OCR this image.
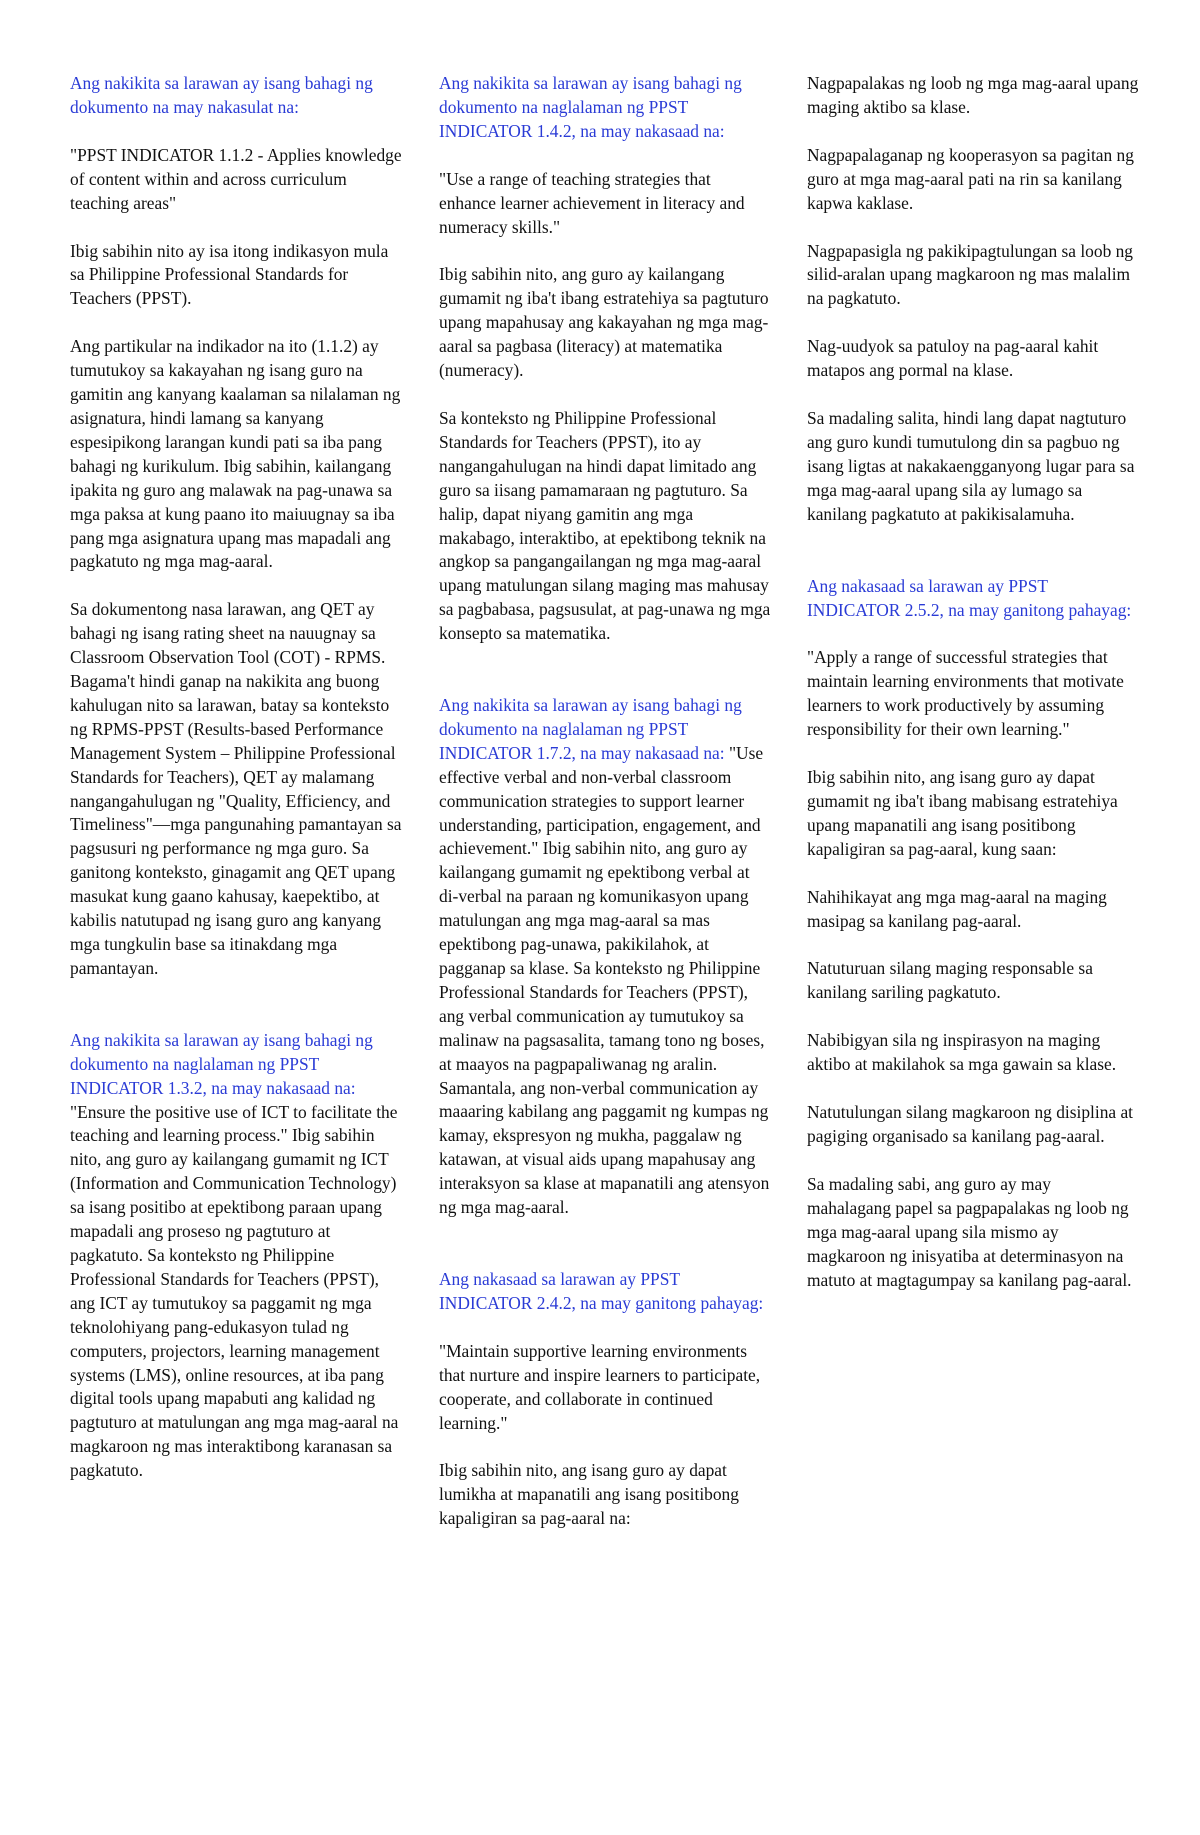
Ang nakikita sa larawan ay isang bahagi ng dokumento na may nakasulat na:

"PPST INDICATOR 1.1.2 - Applies knowledge of content within and across curriculum teaching areas"

Ibig sabihin nito ay isa itong indikasyon mula sa Philippine Professional Standards for Teachers (PPST).

Ang partikular na indikador na ito (1.1.2) ay tumutukoy sa kakayahan ng isang guro na gamitin ang kanyang kaalaman sa nilalaman ng asignatura, hindi lamang sa kanyang espesipikong larangan kundi pati sa iba pang bahagi ng kurikulum. Ibig sabihin, kailangang ipakita ng guro ang malawak na pag-unawa sa mga paksa at kung paano ito maiuugnay sa iba pang mga asignatura upang mas mapadali ang pagkatuto ng mga mag-aaral.

Sa dokumentong nasa larawan, ang QET ay bahagi ng isang rating sheet na nauugnay sa Classroom Observation Tool (COT) - RPMS. Bagama't hindi ganap na nakikita ang buong kahulugan nito sa larawan, batay sa konteksto ng RPMS-PPST (Results-based Performance Management System – Philippine Professional Standards for Teachers), QET ay malamang nangangahulugan ng "Quality, Efficiency, and Timeliness"—mga pangunahing pamantayan sa pagsusuri ng performance ng mga guro. Sa ganitong konteksto, ginagamit ang QET upang masukat kung gaano kahusay, kaepektibo, at kabilis natutupad ng isang guro ang kanyang mga tungkulin base sa itinakdang mga pamantayan.

Ang nakikita sa larawan ay isang bahagi ng dokumento na naglalaman ng PPST INDICATOR 1.3.2, na may nakasaad na: "Ensure the positive use of ICT to facilitate the teaching and learning process." Ibig sabihin nito, ang guro ay kailangang gumamit ng ICT (Information and Communication Technology) sa isang positibo at epektibong paraan upang mapadali ang proseso ng pagtuturo at pagkatuto. Sa konteksto ng Philippine Professional Standards for Teachers (PPST), ang ICT ay tumutukoy sa paggamit ng mga teknolohiyang pang-edukasyon tulad ng computers, projectors, learning management systems (LMS), online resources, at iba pang digital tools upang mapabuti ang kalidad ng pagtuturo at matulungan ang mga mag-aaral na magkaroon ng mas interaktibong karanasan sa pagkatuto.

Ang nakikita sa larawan ay isang bahagi ng dokumento na naglalaman ng PPST INDICATOR 1.4.2, na may nakasaad na:

"Use a range of teaching strategies that enhance learner achievement in literacy and numeracy skills."

Ibig sabihin nito, ang guro ay kailangang gumamit ng iba't ibang estratehiya sa pagtuturo upang mapahusay ang kakayahan ng mga mag-aaral sa pagbasa (literacy) at matematika (numeracy).

Sa konteksto ng Philippine Professional Standards for Teachers (PPST), ito ay nangangahulugan na hindi dapat limitado ang guro sa iisang pamamaraan ng pagtuturo. Sa halip, dapat niyang gamitin ang mga makabago, interaktibo, at epektibong teknik na angkop sa pangangailangan ng mga mag-aaral upang matulungan silang maging mas mahusay sa pagbabasa, pagsusulat, at pag-unawa ng mga konsepto sa matematika.

Ang nakikita sa larawan ay isang bahagi ng dokumento na naglalaman ng PPST INDICATOR 1.7.2, na may nakasaad na: "Use effective verbal and non-verbal classroom communication strategies to support learner understanding, participation, engagement, and achievement." Ibig sabihin nito, ang guro ay kailangang gumamit ng epektibong verbal at di-verbal na paraan ng komunikasyon upang matulungan ang mga mag-aaral sa mas epektibong pag-unawa, pakikilahok, at pagganap sa klase. Sa konteksto ng Philippine Professional Standards for Teachers (PPST), ang verbal communication ay tumutukoy sa malinaw na pagsasalita, tamang tono ng boses, at maayos na pagpapaliwanag ng aralin. Samantala, ang non-verbal communication ay maaaring kabilang ang paggamit ng kumpas ng kamay, ekspresyon ng mukha, paggalaw ng katawan, at visual aids upang mapahusay ang interaksyon sa klase at mapanatili ang atensyon ng mga mag-aaral.

Ang nakasaad sa larawan ay PPST INDICATOR 2.4.2, na may ganitong pahayag:

"Maintain supportive learning environments that nurture and inspire learners to participate, cooperate, and collaborate in continued learning."

Ibig sabihin nito, ang isang guro ay dapat lumikha at mapanatili ang isang positibong kapaligiran sa pag-aaral na:

Nagpapalakas ng loob ng mga mag-aaral upang maging aktibo sa klase.

Nagpapalaganap ng kooperasyon sa pagitan ng guro at mga mag-aaral pati na rin sa kanilang kapwa kaklase.

Nagpapasigla ng pakikipagtulungan sa loob ng silid-aralan upang magkaroon ng mas malalim na pagkatuto.

Nag-uudyok sa patuloy na pag-aaral kahit matapos ang pormal na klase.

Sa madaling salita, hindi lang dapat nagtuturo ang guro kundi tumutulong din sa pagbuo ng isang ligtas at nakakaengganyong lugar para sa mga mag-aaral upang sila ay lumago sa kanilang pagkatuto at pakikisalamuha.

Ang nakasaad sa larawan ay PPST INDICATOR 2.5.2, na may ganitong pahayag:

"Apply a range of successful strategies that maintain learning environments that motivate learners to work productively by assuming responsibility for their own learning."

Ibig sabihin nito, ang isang guro ay dapat gumamit ng iba't ibang mabisang estratehiya upang mapanatili ang isang positibong kapaligiran sa pag-aaral, kung saan:

Nahihikayat ang mga mag-aaral na maging masipag sa kanilang pag-aaral.

Natuturuan silang maging responsable sa kanilang sariling pagkatuto.

Nabibigyan sila ng inspirasyon na maging aktibo at makilahok sa mga gawain sa klase.

Natutulungan silang magkaroon ng disiplina at pagiging organisado sa kanilang pag-aaral.

Sa madaling sabi, ang guro ay may mahalagang papel sa pagpapalakas ng loob ng mga mag-aaral upang sila mismo ay magkaroon ng inisyatiba at determinasyon na matuto at magtagumpay sa kanilang pag-aaral.
